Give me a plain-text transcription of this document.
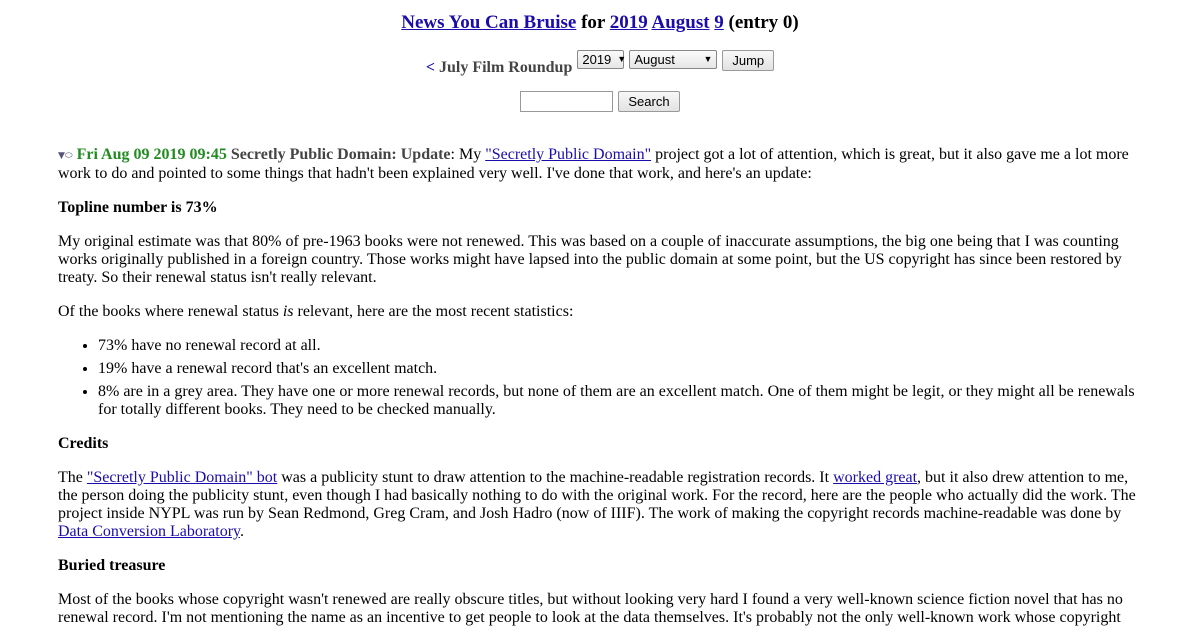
News You Can Bruise for 2019 August 9 (entry 0)
< July Film Roundup 2019 ▼ August	▼	Jump
Search

▼⬭ Fri Aug 09 2019 09:45 Secretly Public Domain: Update: My "Secretly Public Domain" project got a lot of attention, which is great, but it also gave me a lot more work to do and pointed to some things that hadn't been explained very well. I've done that work, and here's an update:

Topline number is 73%

My original estimate was that 80% of pre-1963 books were not renewed. This was based on a couple of inaccurate assumptions, the big one being that I was counting works originally published in a foreign country. Those works might have lapsed into the public domain at some point, but the US copyright has since been restored by treaty. So their renewal status isn't really relevant.

Of the books where renewal status is relevant, here are the most recent statistics:

• 73% have no renewal record at all.
• 19% have a renewal record that's an excellent match.
• 8% are in a grey area. They have one or more renewal records, but none of them are an excellent match. One of them might be legit, or they might all be renewals for totally different books. They need to be checked manually.
Credits

The "Secretly Public Domain" bot was a publicity stunt to draw attention to the machine-readable registration records. It worked great, but it also drew attention to me, the person doing the publicity stunt, even though I had basically nothing to do with the original work. For the record, here are the people who actually did the work. The project inside NYPL was run by Sean Redmond, Greg Cram, and Josh Hadro (now of IIIF). The work of making the copyright records machine-readable was done by Data Conversion Laboratory.

Buried treasure

Most of the books whose copyright wasn't renewed are really obscure titles, but without looking very hard I found a very well-known science fiction novel that has no renewal record. I'm not mentioning the name as an incentive to get people to look at the data themselves. It's probably not the only well-known work whose copyright
